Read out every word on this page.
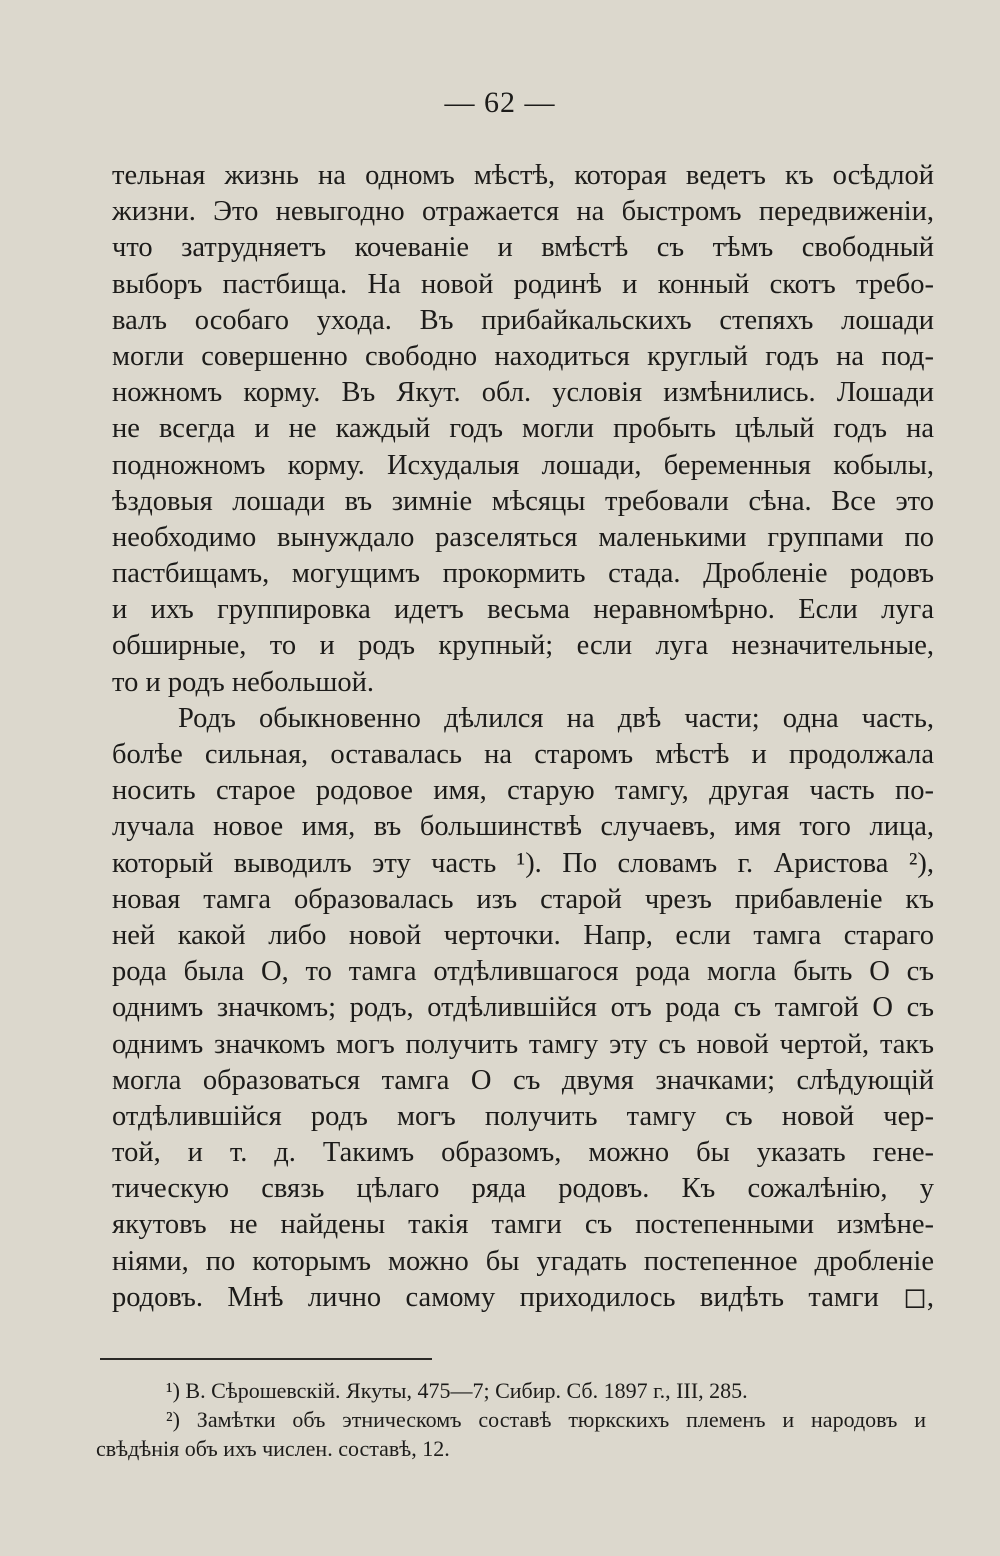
— 62 —
тельная жизнь на одномъ мѣстѣ, которая ведетъ къ осѣдлой
жизни. Это невыгодно отражается на быстромъ передвиженіи,
что затрудняетъ кочеваніе и вмѣстѣ съ тѣмъ свободный
выборъ пастбища. На новой родинѣ и конный скотъ требо-
валъ особаго ухода. Въ прибайкальскихъ степяхъ лошади
могли совершенно свободно находиться круглый годъ на под-
ножномъ корму. Въ Якут. обл. условія измѣнились. Лошади
не всегда и не каждый годъ могли пробыть цѣлый годъ на
подножномъ корму. Исхудалыя лошади, беременныя кобылы,
ѣздовыя лошади въ зимніе мѣсяцы требовали сѣна. Все это
необходимо вынуждало разселяться маленькими группами по
пастбищамъ, могущимъ прокормить стада. Дробленіе родовъ
и ихъ группировка идетъ весьма неравномѣрно. Если луга
обширные, то и родъ крупный; если луга незначительные,
то и родъ небольшой.
Родъ обыкновенно дѣлился на двѣ части; одна часть,
болѣе сильная, оставалась на старомъ мѣстѣ и продолжала
носить старое родовое имя, старую тамгу, другая часть по-
лучала новое имя, въ большинствѣ случаевъ, имя того лица,
который выводилъ эту часть ¹). По словамъ г. Аристова ²),
новая тамга образовалась изъ старой чрезъ прибавленіе къ
ней какой либо новой черточки. Напр, если тамга стараго
рода была О, то тамга отдѣлившагося рода могла быть О съ
однимъ значкомъ; родъ, отдѣлившійся отъ рода съ тамгой О съ
однимъ значкомъ могъ получить тамгу эту съ новой чертой, такъ
могла образоваться тамга О съ двумя значками; слѣдующій
отдѣлившійся родъ могъ получить тамгу съ новой чер-
той, и т. д. Такимъ образомъ, можно бы указать гене-
тическую связь цѣлаго ряда родовъ. Къ сожалѣнію, у
якутовъ не найдены такія тамги съ постепенными измѣне-
ніями, по которымъ можно бы угадать постепенное дробленіе
родовъ. Мнѣ лично самому приходилось видѣть тамги ◻,
¹) В. Сѣрошевскій. Якуты, 475—7; Сибир. Сб. 1897 г., III, 285.
²) Замѣтки объ этническомъ составѣ тюркскихъ племенъ и народовъ и
свѣдѣнія объ ихъ числен. составѣ, 12.
